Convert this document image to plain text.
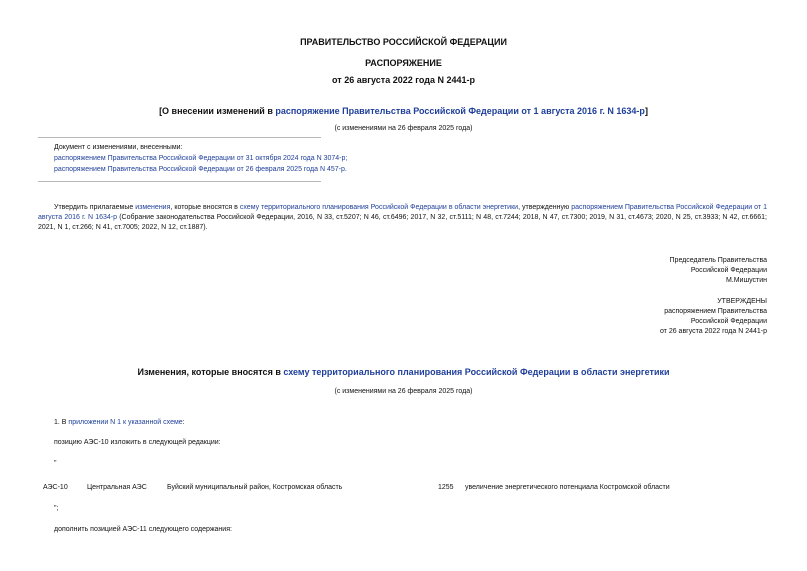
ПРАВИТЕЛЬСТВО РОССИЙСКОЙ ФЕДЕРАЦИИ
РАСПОРЯЖЕНИЕ
от 26 августа 2022 года N 2441-р
[О внесении изменений в распоряжение Правительства Российской Федерации от 1 августа 2016 г. N 1634-р]
(с изменениями на 26 февраля 2025 года)
Документ с изменениями, внесенными:
распоряжением Правительства Российской Федерации от 31 октября 2024 года N 3074-р;
распоряжением Правительства Российской Федерации от 26 февраля 2025 года N 457-р.
Утвердить прилагаемые изменения, которые вносятся в схему территориального планирования Российской Федерации в области энергетики, утвержденную распоряжением Правительства Российской Федерации от 1 августа 2016 г. N 1634-р (Собрание законодательства Российской Федерации, 2016, N 33, ст.5207; N 46, ст.6496; 2017, N 32, ст.5111; N 48, ст.7244; 2018, N 47, ст.7300; 2019, N 31, ст.4673; 2020, N 25, ст.3933; N 42, ст.6661; 2021, N 1, ст.266; N 41, ст.7005; 2022, N 12, ст.1887).
Председатель Правительства
Российской Федерации
М.Мишустин
УТВЕРЖДЕНЫ
распоряжением Правительства
Российской Федерации
от 26 августа 2022 года N 2441-р
Изменения, которые вносятся в схему территориального планирования Российской Федерации в области энергетики
(с изменениями на 26 февраля 2025 года)
1. В приложении N 1 к указанной схеме:
позицию АЭС-10 изложить в следующей редакции:
"
АЭС-10	Центральная АЭС	Буйский муниципальный район, Костромская область	1255 увеличение энергетического потенциала Костромской области
";
дополнить позицией АЭС-11 следующего содержания:
